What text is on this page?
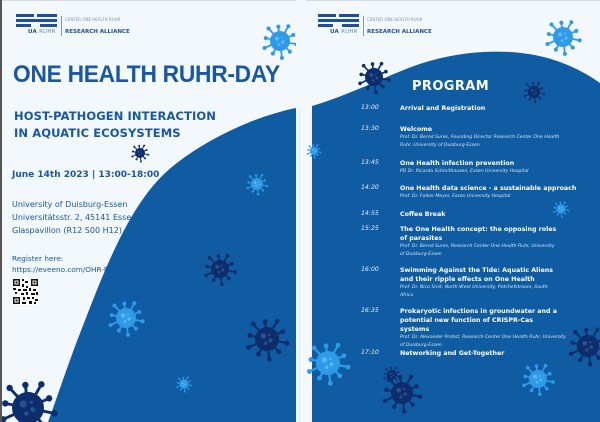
UA RUHR
CENTER ONE HEALTH RUHR
RESEARCH ALLIANCE
ONE HEALTH RUHR-DAY
HOST-PATHOGEN INTERACTION
IN AQUATIC ECOSYSTEMS
June 14th 2023 | 13:00-18:00
University of Duisburg-Essen
Universitätsstr. 2, 45141 Essen
Glaspavillon (R12 S00 H12)
Register here:
https://eveeno.com/OHR-Day
UA RUHR
CENTER ONE HEALTH RUHR
RESEARCH ALLIANCE
PROGRAM
13:00	Arrival and Registration
13:30	Welcome
Prof. Dr. Bernd Sures, Founding Director Research Center One Health Ruhr, University of Duisburg-Essen
13:45	One Health infection prevention
PD Dr. Ricarda Schmithausen, Essen University Hospital
14:20	One Health data science - a sustainable approach
Prof. Dr. Folker Meyer, Essen University Hospital
14:55	Coffee Break
15:25	The One Health concept: the opposing roles of parasites
Prof. Dr. Bernd Sures, Research Center One Health Ruhr, University of Duisburg-Essen
16:00	Swimming Against the Tide: Aquatic Aliens and their ripple effects on One Health
Prof. Dr. Nico Smit, North-West University, Potchefstroom, South Africa
16:35	Prokaryotic infections in groundwater and a potential new function of CRISPR-Cas systems
Prof. Dr. Alexander Probst, Research Center One Health Ruhr, University of Duisburg-Essen
17:10	Networking and Get-Together
